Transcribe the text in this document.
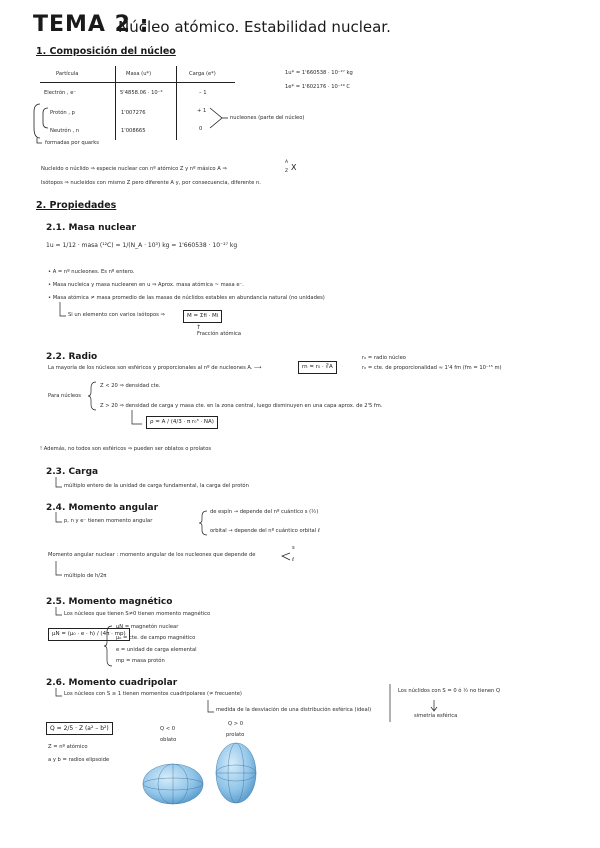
TEMA 2 :
Núcleo atómico. Estabilidad nuclear.
1. Composición del núcleo
Partícula	Masa (u*)	Carga (e*)
Electrón , e⁻	5'4858.06 · 10⁻⁴	– 1
Protón , p	1'007276	+ 1
Neutrón , n	1'008665	0
nucleones (parte del núcleo)
formadas por quarks
1u* = 1'660538 · 10⁻²⁷ kg
1e* = 1'602176 · 10⁻¹⁹ C
Nucleido o núclido ⇒ especie nuclear con nº atómico Z y nº másico A ⇒
A
Z X
Isótopos ⇒ nucleidos con mismo Z pero diferente A y, por consecuencia, diferente n.
2. Propiedades
2.1. Masa nuclear
1u = 1/12 · masa (¹²C) = 1/(N_A · 10³) kg = 1'660538 · 10⁻²⁷ kg
• A = nº nucleones. Es nº entero.
• Masa nucleica y masa nuclearen en u ⇒ Aprox. masa atómica ~ masa e⁻.
• Masa atómica ≠ masa promedio de las masas de núclidos estables en abundancia natural (no unidades)
Si un elemento con varios isótopos ⇒	M = Σfi · Mi
↑
Fracción atómica
2.2. Radio
La mayoría de los núcleos son esféricos y proporcionales al nº de nucleones A. ⟶	rn = r₀ · ∛A
r₀ = radio núcleo
r₀ = cte. de proporcionalidad ≈ 1'4 fm (fm = 10⁻¹⁵ m)
Z < 20 ⇒ densidad cte.
Para núcleos
Z > 20 ⇒ densidad de carga y masa cte. en la zona central, luego disminuyen en una capa aprox. de 2'5 fm.
ρ = A / (4/3 · π r₀³ · NA)
! Además, no todos son esféricos ⇒ pueden ser oblatos o prolatos
2.3. Carga
múltiplo entero de la unidad de carga fundamental, la carga del protón
2.4. Momento angular
p, n y e⁻ tienen momento angular
de espín → depende del nº cuántico s (½)
orbital → depende del nº cuántico orbital ℓ
Momento angular nuclear : momento angular de los nucleones que depende de
s
ℓ
múltiplo de h/2π
2.5. Momento magnético
Los núcleos que tienen S≠0 tienen momento magnético
μN = (μ₀ · e · h) / (4π · mp)
μN = magnetón nuclear
μ₀ = cte. de campo magnético
e = unidad de carga elemental
mp = masa protón
2.6. Momento cuadripolar
Los núcleos con S ≥ 1 tienen momentos cuadripolares (≠ frecuente)
medida de la desviación de una distribución esférica (ideal)
Los núclidos con S = 0 ó ½ no tienen Q
simetría esférica
Q = 2/5 · Z (a² – b²)
Z = nº atómico
a y b = radios elipsoide
Q < 0
oblato
Q > 0
prolato
